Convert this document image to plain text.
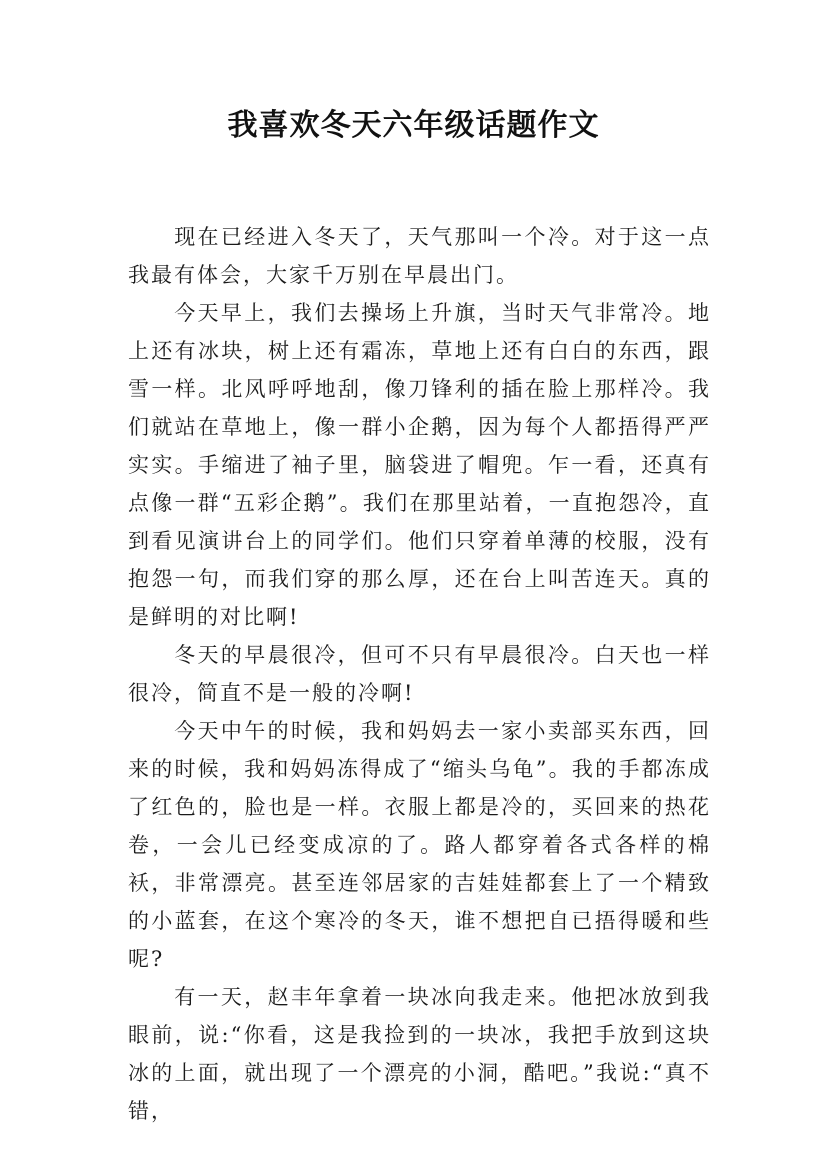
我喜欢冬天六年级话题作文

现在已经进入冬天了，天气那叫一个冷。对于这一点我最有体会，大家千万别在早晨出门。

今天早上，我们去操场上升旗，当时天气非常冷。地上还有冰块，树上还有霜冻，草地上还有白白的东西，跟雪一样。北风呼呼地刮，像刀锋利的插在脸上那样冷。我们就站在草地上，像一群小企鹅，因为每个人都捂得严严实实。手缩进了袖子里，脑袋进了帽兜。乍一看，还真有点像一群“五彩企鹅”。我们在那里站着，一直抱怨冷，直到看见演讲台上的同学们。他们只穿着单薄的校服，没有抱怨一句，而我们穿的那么厚，还在台上叫苦连天。真的是鲜明的对比啊!

冬天的早晨很冷，但可不只有早晨很冷。白天也一样很冷，简直不是一般的冷啊!

今天中午的时候，我和妈妈去一家小卖部买东西，回来的时候，我和妈妈冻得成了“缩头乌龟”。我的手都冻成了红色的，脸也是一样。衣服上都是冷的，买回来的热花卷，一会儿已经变成凉的了。路人都穿着各式各样的棉袄，非常漂亮。甚至连邻居家的吉娃娃都套上了一个精致的小蓝套，在这个寒冷的冬天，谁不想把自已捂得暖和些呢?

有一天，赵丰年拿着一块冰向我走来。他把冰放到我眼前，说:“你看，这是我捡到的一块冰，我把手放到这块冰的上面，就出现了一个漂亮的小洞，酷吧。”我说:“真不错，
